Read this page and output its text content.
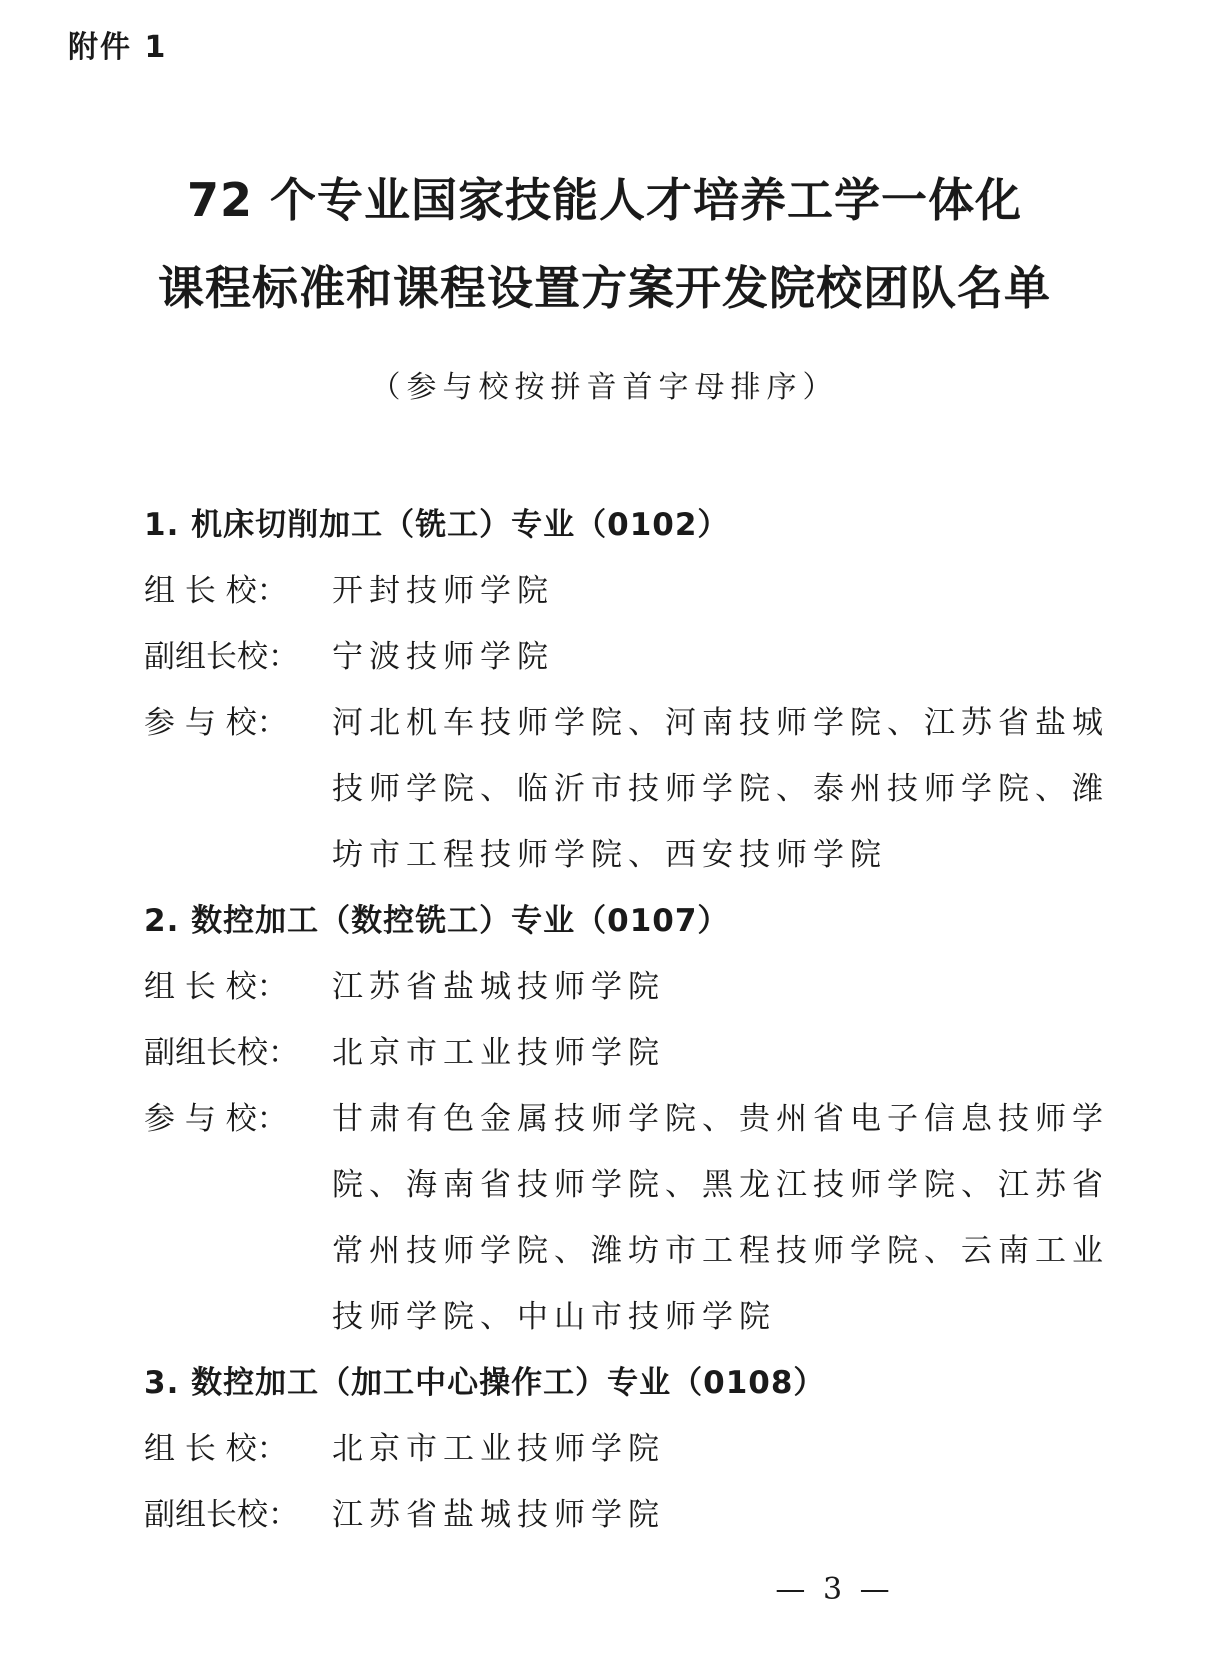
附件 1
72 个专业国家技能人才培养工学一体化
课程标准和课程设置方案开发院校团队名单
（参与校按拼音首字母排序）
1. 机床切削加工（铣工）专业（0102）
组 长 校： 开封技师学院
副组长校： 宁波技师学院
参 与 校： 河北机车技师学院、河南技师学院、江苏省盐城技师学院、临沂市技师学院、泰州技师学院、潍坊市工程技师学院、西安技师学院
2. 数控加工（数控铣工）专业（0107）
组 长 校： 江苏省盐城技师学院
副组长校： 北京市工业技师学院
参 与 校： 甘肃有色金属技师学院、贵州省电子信息技师学院、海南省技师学院、黑龙江技师学院、江苏省常州技师学院、潍坊市工程技师学院、云南工业技师学院、中山市技师学院
3. 数控加工（加工中心操作工）专业（0108）
组 长 校： 北京市工业技师学院
副组长校： 江苏省盐城技师学院
— 3 —
